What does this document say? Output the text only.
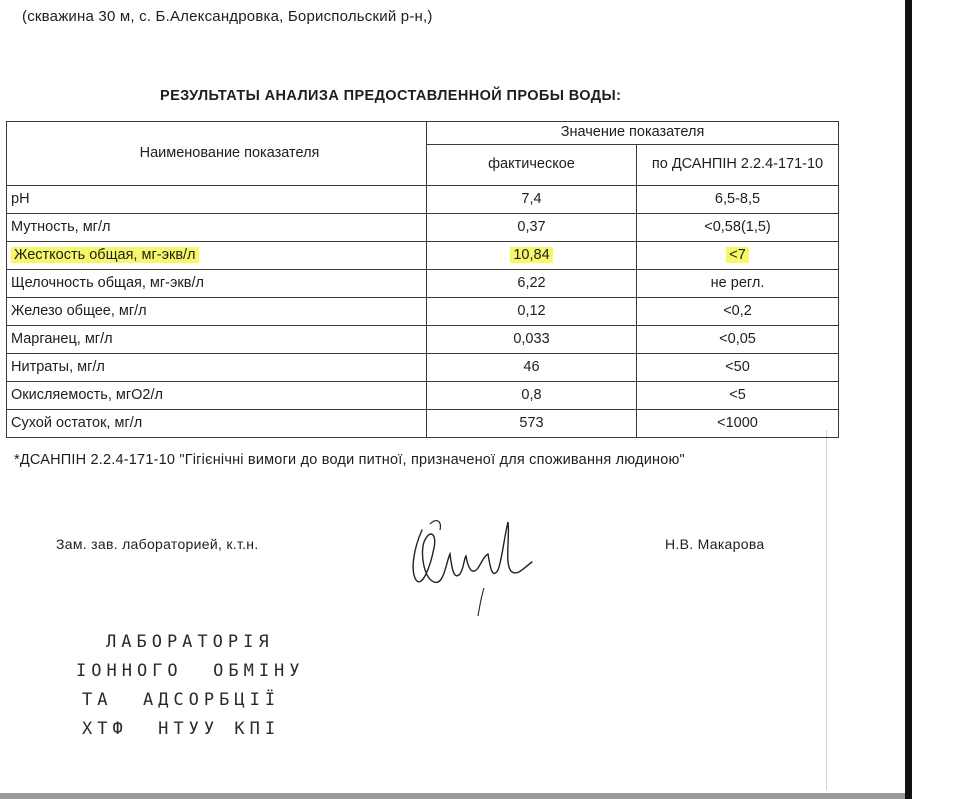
(скважина 30 м, с. Б.Александровка, Бориспольский р-н,)
РЕЗУЛЬТАТЫ АНАЛИЗА ПРЕДОСТАВЛЕННОЙ ПРОБЫ ВОДЫ:
Наименование показателя	Значение показателя	
	фактическое	по ДСАНПІН 2.2.4-171-10
pH	7,4	6,5-8,5
Мутность, мг/л	0,37	<0,58(1,5)
Жесткость общая, мг-экв/л	10,84	<7
Щелочность общая, мг-экв/л	6,22	не регл.
Железо общее, мг/л	0,12	<0,2
Марганец, мг/л	0,033	<0,05
Нитраты, мг/л	46	<50
Окисляемость, мгО2/л	0,8	<5
Сухой остаток, мг/л	573	<1000
*ДСАНПІН 2.2.4-171-10 "Гігієнічні вимоги до води питної, призначеної для споживання людиною"
Зам. зав. лабораторией, к.т.н.	Н.В. Макарова
ЛАБОРАТОРІЯ
ІОННОГО  ОБМІНУ
ТА  АДСОРБЦІЇ
ХТФ  НТУУ КПІ
